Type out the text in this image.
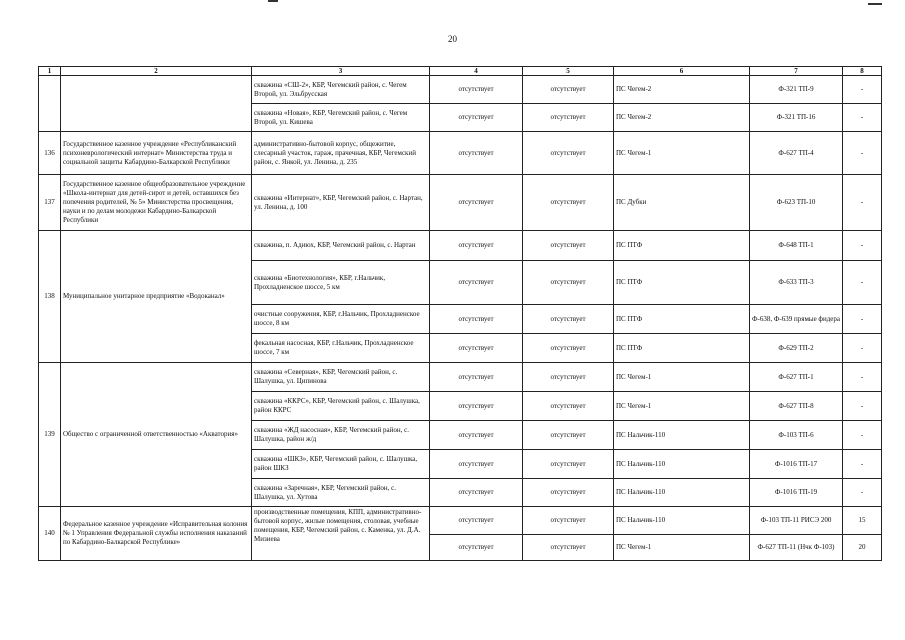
20
1	2	3	4	5	6	7	8
		скважина «СШ-2», КБР, Чегемский район, с. Чегем Второй, ул. Эльбрусская	отсутствует	отсутствует	ПС Чегем-2	Ф-321 ТП-9	-
		скважина «Новая», КБР, Чегемский район, с. Чегем Второй, ул. Кишева	отсутствует	отсутствует	ПС Чегем-2	Ф-321 ТП-16	-
136	Государственное казенное учреждение «Республиканский психоневрологический интернат» Министерства труда и социальной защиты Кабардино-Балкарской Республики	административно-бытовой корпус, общежитие, слесарный участок, гараж, прачечная, КБР, Чегемский район, с. Янкой, ул. Ленина, д. 235	отсутствует	отсутствует	ПС Чегем-1	Ф-627 ТП-4	-
137	Государственное казенное общеобразовательное учреждение «Школа-интернат для детей-сирот и детей, оставшихся без попечения родителей, № 5» Министерства просвещения, науки и по делам молодежи Кабардино-Балкарской Республики	скважина «Интернат», КБР, Чегемский район, с. Нартан, ул. Ленина, д. 100	отсутствует	отсутствует	ПС Дубки	Ф-623 ТП-10	-
138	Муниципальное унитарное предприятие «Водоканал»	скважина, п. Адиюх, КБР, Чегемский район, с. Нартан	отсутствует	отсутствует	ПС ПТФ	Ф-648 ТП-1	-
		скважина «Биотехнология», КБР, г.Нальчик, Прохладненское шоссе, 5 км	отсутствует	отсутствует	ПС ПТФ	Ф-633 ТП-3	-
		очистные сооружения, КБР, г.Нальчик, Прохладненское шоссе, 8 км	отсутствует	отсутствует	ПС ПТФ	Ф-638, Ф-639 прямые фидера	-
		фекальная насосная, КБР, г.Нальчик, Прохладненское шоссе, 7 км	отсутствует	отсутствует	ПС ПТФ	Ф-629 ТП-2	-
139	Общество с ограниченной ответственностью «Акватория»	скважина «Северная», КБР, Чегемский район, с. Шалушка, ул. Ципинова	отсутствует	отсутствует	ПС Чегем-1	Ф-627 ТП-1	-
		скважина «ККРС», КБР, Чегемский район, с. Шалушка, район ККРС	отсутствует	отсутствует	ПС Чегем-1	Ф-627 ТП-8	-
		скважина «ЖД насосная», КБР, Чегемский район, с. Шалушка, район ж/д	отсутствует	отсутствует	ПС Нальчик-110	Ф-103 ТП-6	-
		скважина «ШКЗ», КБР, Чегемский район, с. Шалушка, район ШКЗ	отсутствует	отсутствует	ПС Нальчик-110	Ф-1016 ТП-17	-
		скважина «Заречная», КБР, Чегемский район, с. Шалушка, ул. Хутова	отсутствует	отсутствует	ПС Нальчик-110	Ф-1016 ТП-19	-
140	Федеральное казенное учреждение «Исправительная колония № 1 Управления Федеральной службы исполнения наказаний по Кабардино-Балкарской Республике»	производственные помещения, КПП, административно-бытовой корпус, жилые помещения, столовая, учебные помещения, КБР, Чегемский район, с. Каменка, ул. Д.А. Мизиева	отсутствует	отсутствует	ПС Нальчик-110	Ф-103 ТП-11 РИСЭ 200	15
			отсутствует	отсутствует	ПС Чегем-1	Ф-627 ТП-11 (Нчк Ф-103)	20
